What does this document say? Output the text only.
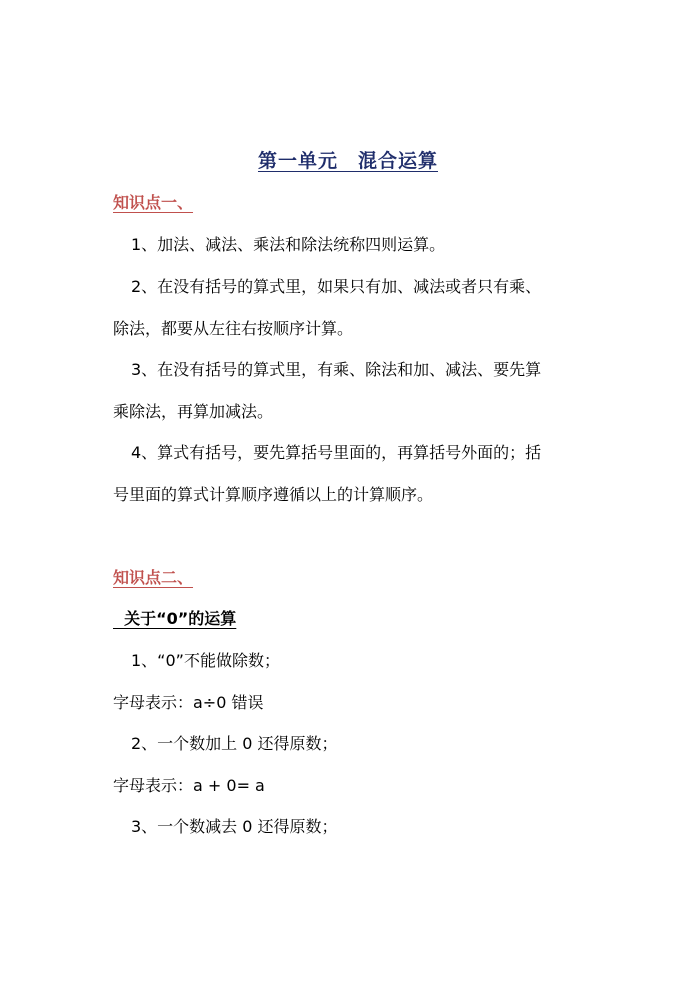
第一单元　混合运算
知识点一、
1、加法、减法、乘法和除法统称四则运算。
2、在没有括号的算式里，如果只有加、减法或者只有乘、
除法，都要从左往右按顺序计算。
3、在没有括号的算式里，有乘、除法和加、减法、要先算
乘除法，再算加减法。
4、算式有括号，要先算括号里面的，再算括号外面的；括
号里面的算式计算顺序遵循以上的计算顺序。
知识点二、
关于“0”的运算
1、“0”不能做除数；
字母表示：a÷0 错误
2、一个数加上 0 还得原数；
字母表示：a + 0= a
3、一个数减去 0 还得原数；
